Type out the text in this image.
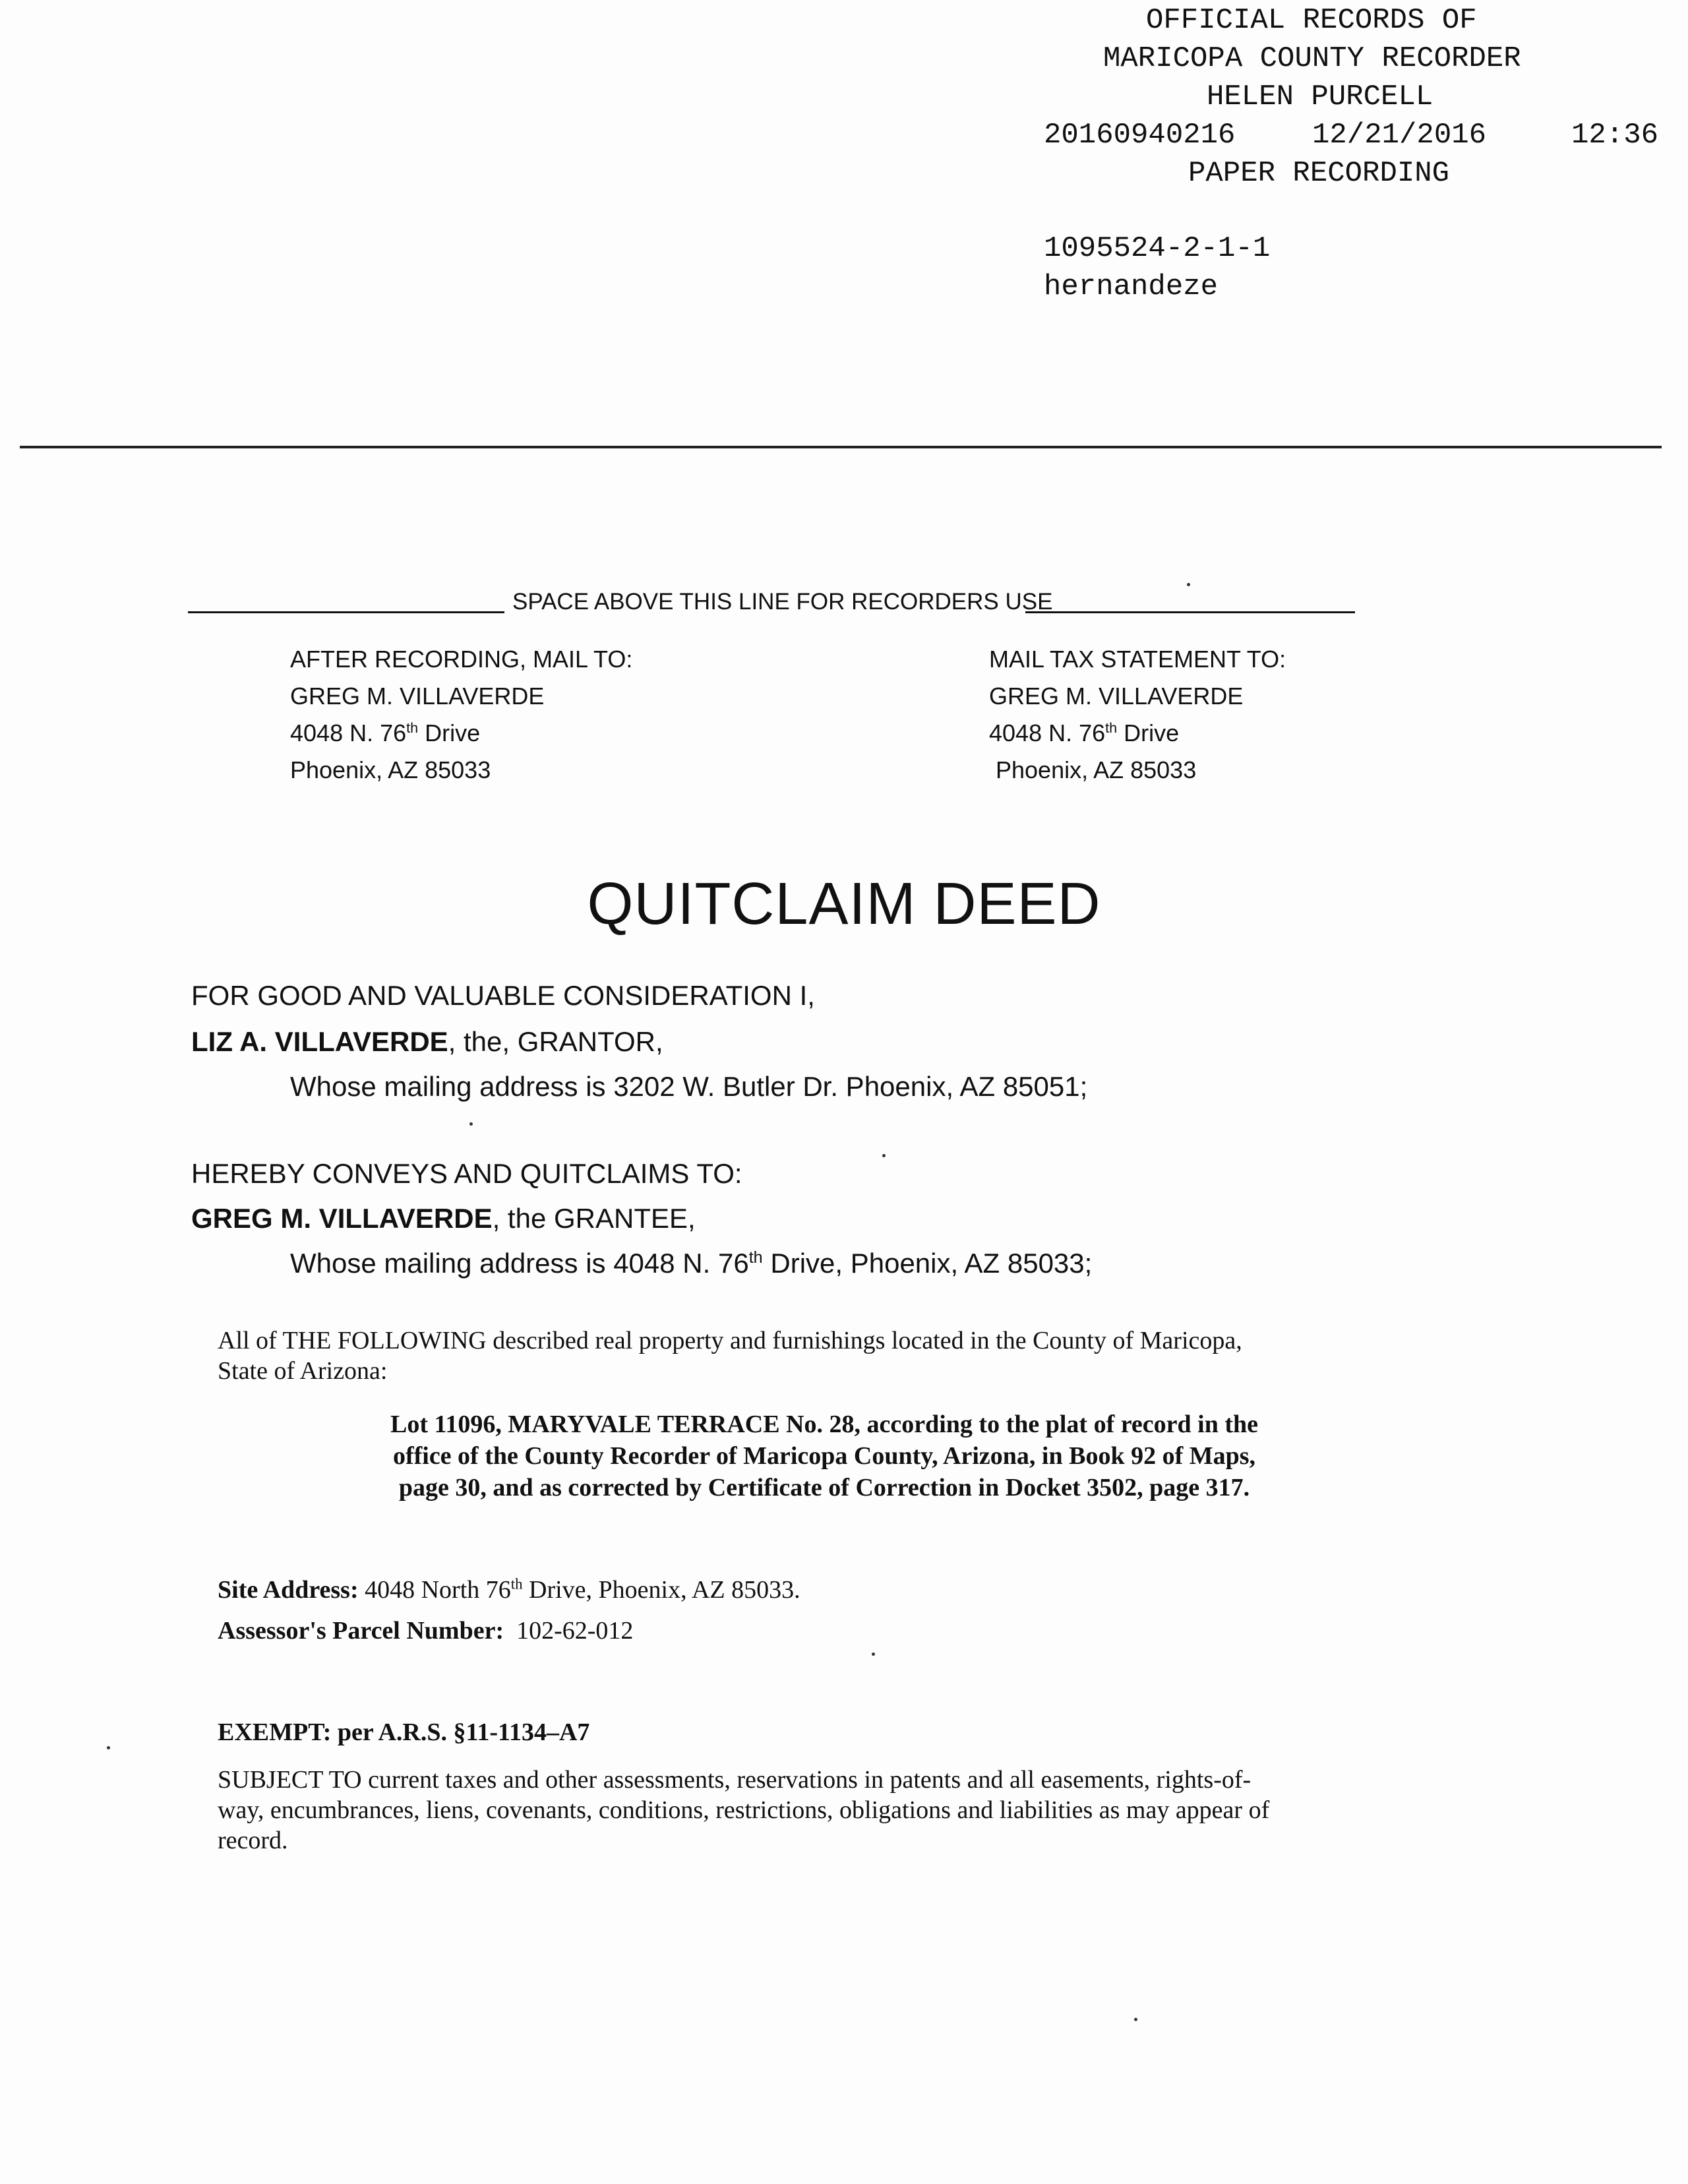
OFFICIAL RECORDS OF

MARICOPA COUNTY RECORDER

HELEN PURCELL

20160940216

	12/21/2016

	12:36

PAPER RECORDING

1095524-2-1-1

hernandeze

SPACE ABOVE THIS LINE FOR RECORDERS USE
AFTER RECORDING, MAIL TO:
GREG M. VILLAVERDE
4048 N. 76th Drive
Phoenix, AZ 85033
MAIL TAX STATEMENT TO:
GREG M. VILLAVERDE
4048 N. 76th Drive
Phoenix, AZ 85033
QUITCLAIM DEED
FOR GOOD AND VALUABLE CONSIDERATION I,
LIZ A. VILLAVERDE, the, GRANTOR,
Whose mailing address is 3202 W. Butler Dr. Phoenix, AZ 85051;
HEREBY CONVEYS AND QUITCLAIMS TO:
GREG M. VILLAVERDE, the GRANTEE,
Whose mailing address is 4048 N. 76th Drive, Phoenix, AZ 85033;
All of THE FOLLOWING described real property and furnishings located in the County of Maricopa,
State of Arizona:
Lot 11096, MARYVALE TERRACE No. 28, according to the plat of record in the
office of the County Recorder of Maricopa County, Arizona, in Book 92 of Maps,
page 30, and as corrected by Certificate of Correction in Docket 3502, page 317.
Site Address: 4048 North 76th Drive, Phoenix, AZ 85033.
Assessor's Parcel Number: 102-62-012
EXEMPT: per A.R.S. §11-1134–A7
SUBJECT TO current taxes and other assessments, reservations in patents and all easements, rights-of-
way, encumbrances, liens, covenants, conditions, restrictions, obligations and liabilities as may appear of
record.
